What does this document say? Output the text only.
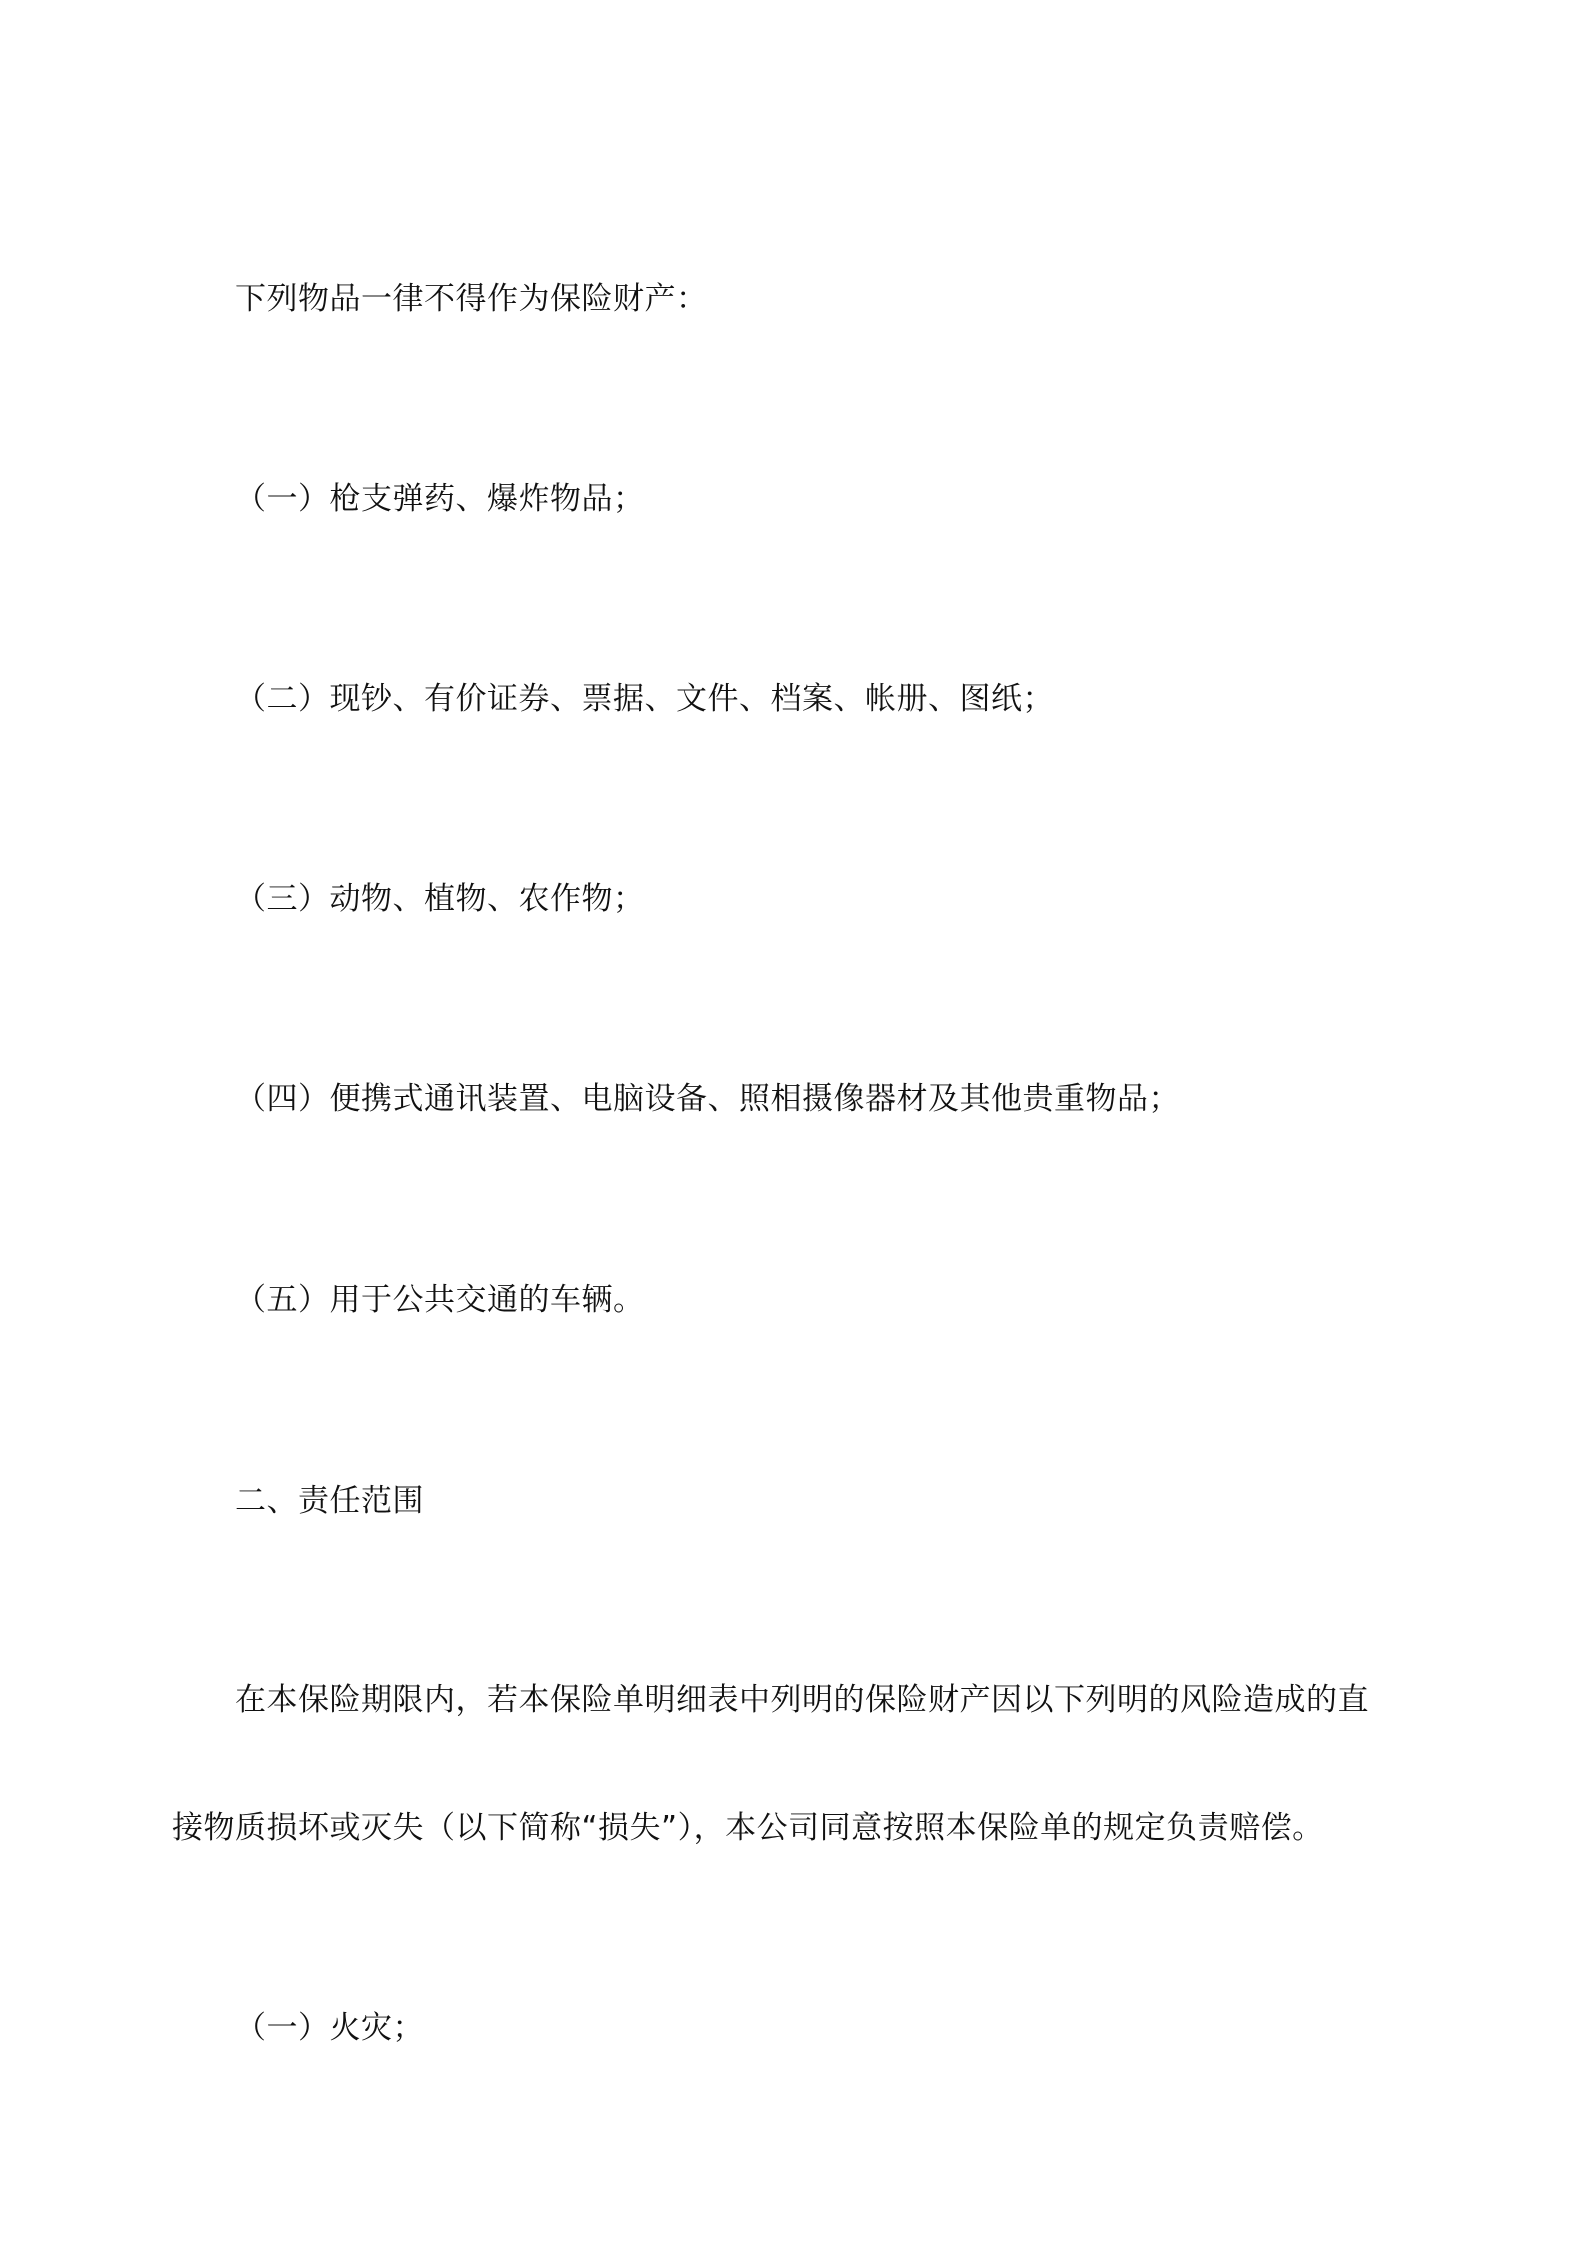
下列物品一律不得作为保险财产：
（一）枪支弹药、爆炸物品；
（二）现钞、有价证券、票据、文件、档案、帐册、图纸；
（三）动物、植物、农作物；
（四）便携式通讯装置、电脑设备、照相摄像器材及其他贵重物品；
（五）用于公共交通的车辆。
二、责任范围
在本保险期限内，若本保险单明细表中列明的保险财产因以下列明的风险造成的直
接物质损坏或灭失（以下简称“损失”），本公司同意按照本保险单的规定负责赔偿。
（一）火灾；
